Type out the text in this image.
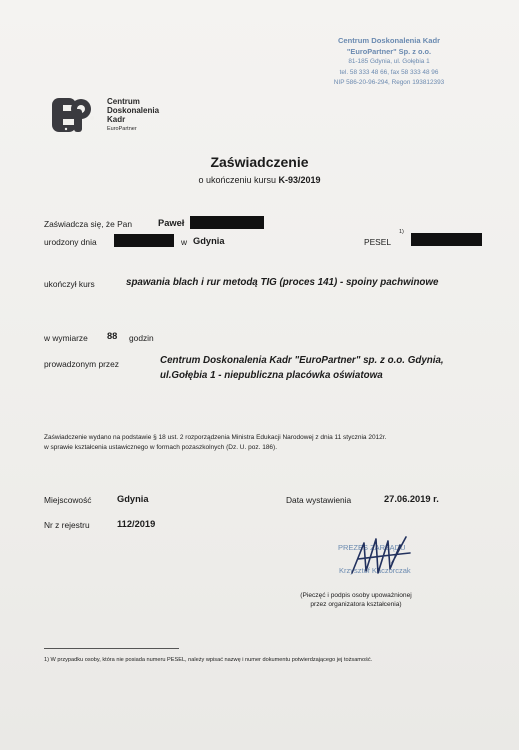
Centrum Doskonalenia Kadr
"EuroPartner" Sp. z o.o.
81-185 Gdynia, ul. Gołębia 1
tel. 58 333 48 66, fax 58 333 48 96
NIP 586-20-96-294, Regon 193812393
Centrum
Doskonalenia
Kadr
EuroPartner
Zaświadczenie
o ukończeniu kursu K-93/2019
Zaświadcza się, że Pan	Paweł
urodzony dnia	w Gdynia	PESEL
1)
ukończył kurs	spawania blach i rur metodą TIG (proces 141) - spoiny pachwinowe
w wymiarze 88 godzin
prowadzonym przez	Centrum Doskonalenia Kadr "EuroPartner" sp. z o.o. Gdynia,
ul.Gołębia 1 - niepubliczna placówka oświatowa
Zaświadczenie wydano na podstawie § 18 ust. 2 rozporządzenia Ministra Edukacji Narodowej z dnia 11 stycznia 2012r.
w sprawie kształcenia ustawicznego w formach pozaszkolnych (Dz. U. poz. 186).
Miejscowość	Gdynia	Data wystawienia	27.06.2019 r.
Nr z rejestru	112/2019
PREZES ZARZĄDU
Krzysztof Kaczorczak
(Pieczęć i podpis osoby upoważnionej przez organizatora kształcenia)
1) W przypadku osoby, która nie posiada numeru PESEL, należy wpisać nazwę i numer dokumentu potwierdzającego jej tożsamość.
